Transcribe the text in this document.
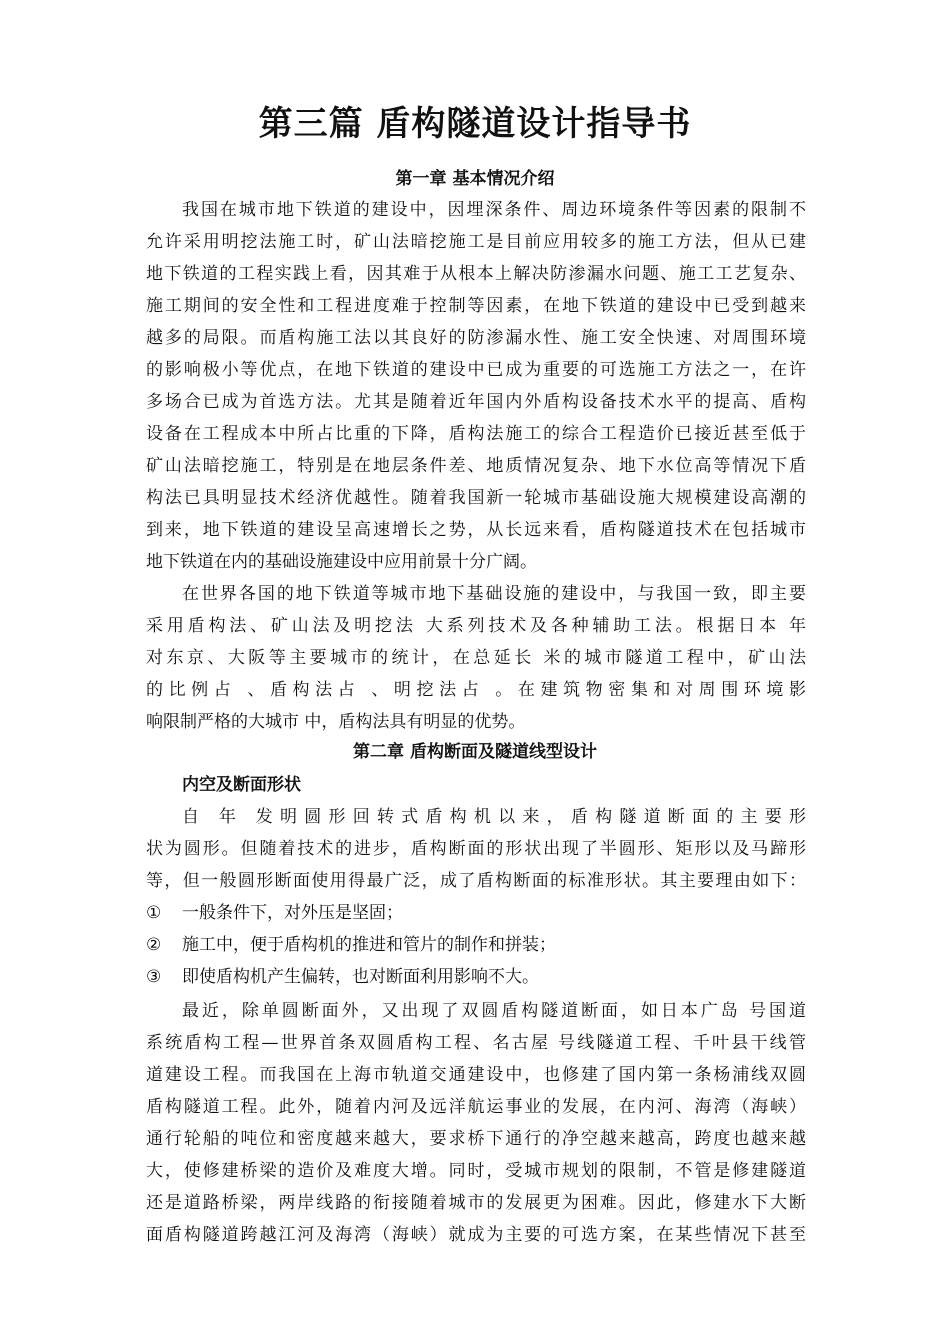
第三篇 盾构隧道设计指导书
第一章 基本情况介绍
我国在城市地下铁道的建设中，因埋深条件、周边环境条件等因素的限制不
允许采用明挖法施工时，矿山法暗挖施工是目前应用较多的施工方法，但从已建
地下铁道的工程实践上看，因其难于从根本上解决防渗漏水问题、施工工艺复杂、
施工期间的安全性和工程进度难于控制等因素，在地下铁道的建设中已受到越来
越多的局限。而盾构施工法以其良好的防渗漏水性、施工安全快速、对周围环境
的影响极小等优点，在地下铁道的建设中已成为重要的可选施工方法之一，在许
多场合已成为首选方法。尤其是随着近年国内外盾构设备技术水平的提高、盾构
设备在工程成本中所占比重的下降，盾构法施工的综合工程造价已接近甚至低于
矿山法暗挖施工，特别是在地层条件差、地质情况复杂、地下水位高等情况下盾
构法已具明显技术经济优越性。随着我国新一轮城市基础设施大规模建设高潮的
到来，地下铁道的建设呈高速增长之势，从长远来看，盾构隧道技术在包括城市
地下铁道在内的基础设施建设中应用前景十分广阔。
在世界各国的地下铁道等城市地下基础设施的建设中，与我国一致，即主要
采用盾构法、矿山法及明挖法 大系列技术及各种辅助工法。根据日本 年
对东京、大阪等主要城市的统计，在总延长 米的城市隧道工程中，矿山法
的比例占 、盾构法占 、明挖法占 。在建筑物密集和对周围环境影
响限制严格的大城市 中，盾构法具有明显的优势。
第二章 盾构断面及隧道线型设计
内空及断面形状
自 年 发明圆形回转式盾构机以来，盾构隧道断面的主要形
状为圆形。但随着技术的进步，盾构断面的形状出现了半圆形、矩形以及马蹄形
等，但一般圆形断面使用得最广泛，成了盾构断面的标准形状。其主要理由如下：
① 一般条件下，对外压是坚固；
② 施工中，便于盾构机的推进和管片的制作和拼装；
③ 即使盾构机产生偏转，也对断面利用影响不大。
最近，除单圆断面外，又出现了双圆盾构隧道断面，如日本广岛 号国道
系统盾构工程—世界首条双圆盾构工程、名古屋 号线隧道工程、千叶县干线管
道建设工程。而我国在上海市轨道交通建设中，也修建了国内第一条杨浦线双圆
盾构隧道工程。此外，随着内河及远洋航运事业的发展，在内河、海湾（海峡）
通行轮船的吨位和密度越来越大，要求桥下通行的净空越来越高，跨度也越来越
大，使修建桥梁的造价及难度大增。同时，受城市规划的限制，不管是修建隧道
还是道路桥梁，两岸线路的衔接随着城市的发展更为困难。因此，修建水下大断
面盾构隧道跨越江河及海湾（海峡）就成为主要的可选方案，在某些情况下甚至
